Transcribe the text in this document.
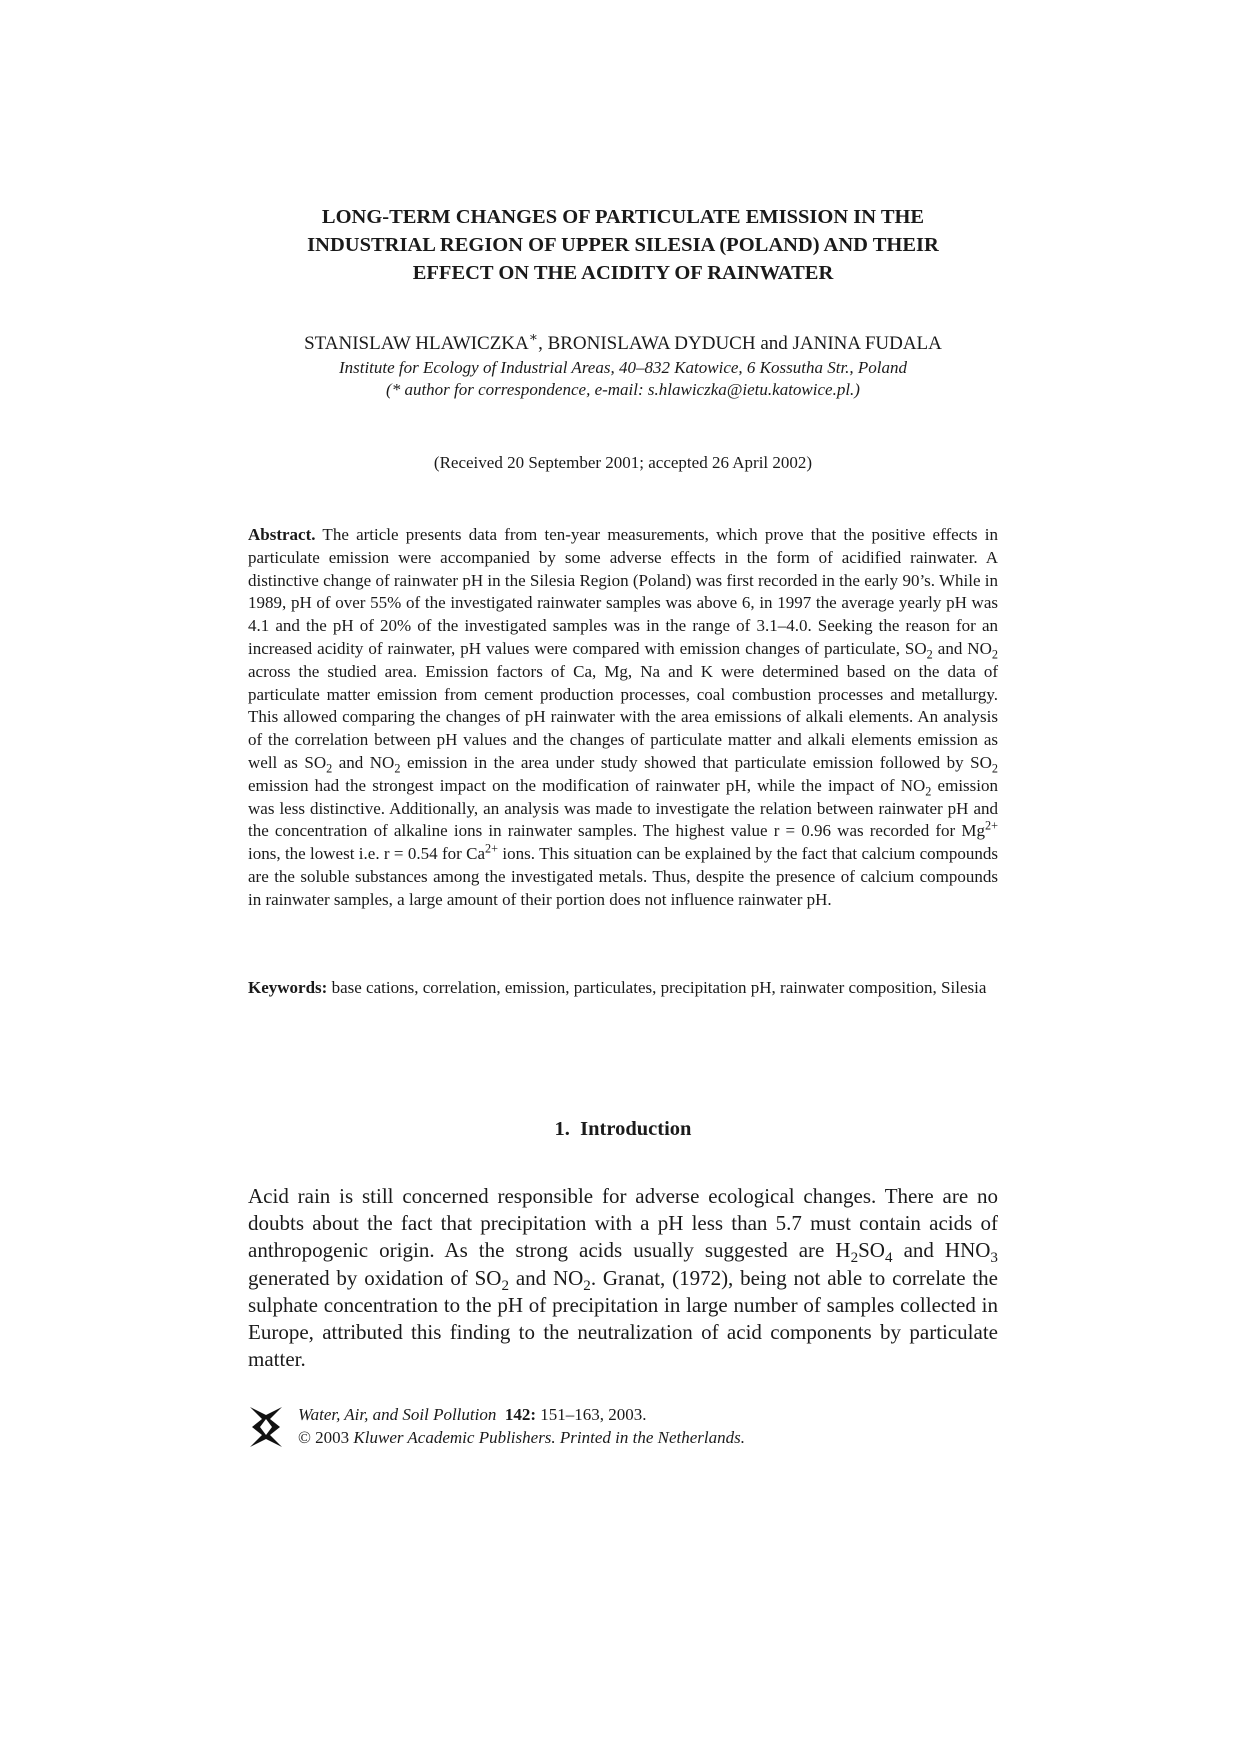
LONG-TERM CHANGES OF PARTICULATE EMISSION IN THE
INDUSTRIAL REGION OF UPPER SILESIA (POLAND) AND THEIR
EFFECT ON THE ACIDITY OF RAINWATER
STANISLAW HLAWICZKA∗, BRONISLAWA DYDUCH and JANINA FUDALA
Institute for Ecology of Industrial Areas, 40–832 Katowice, 6 Kossutha Str., Poland
(* author for correspondence, e-mail: s.hlawiczka@ietu.katowice.pl.)
(Received 20 September 2001; accepted 26 April 2002)

Abstract. The article presents data from ten-year measurements, which prove that the positive effects in particulate emission were accompanied by some adverse effects in the form of acidified rainwater. A distinctive change of rainwater pH in the Silesia Region (Poland) was first recorded in the early 90’s. While in 1989, pH of over 55% of the investigated rainwater samples was above 6, in 1997 the average yearly pH was 4.1 and the pH of 20% of the investigated samples was in the range of 3.1–4.0. Seeking the reason for an increased acidity of rainwater, pH values were compared with emission changes of particulate, $SO_2$ and $NO_2$ across the studied area. Emission factors of Ca, Mg, Na and K were determined based on the data of particulate matter emission from cement production processes, coal combustion processes and metallurgy. This allowed comparing the changes of pH rainwater with the area emissions of alkali elements. An analysis of the correlation between pH values and the changes of particulate matter and alkali elements emission as well as $SO_2$ and $NO_2$ emission in the area under study showed that particulate emission followed by $SO_2$ emission had the strongest impact on the modification of rainwater pH, while the impact of $NO_2$ emission was less distinctive. Additionally, an analysis was made to investigate the relation between rainwater pH and the concentration of alkaline ions in rainwater samples. The highest value r = 0.96 was recorded for $Mg^{2+}$ ions, the lowest i.e. r = 0.54 for $Ca^{2+}$ ions. This situation can be explained by the fact that calcium compounds are the soluble substances among the investigated metals. Thus, despite the presence of calcium compounds in rainwater samples, a large amount of their portion does not influence rainwater pH.

Keywords: base cations, correlation, emission, particulates, precipitation pH, rainwater composition, Silesia

1. Introduction

Acid rain is still concerned responsible for adverse ecological changes. There are no doubts about the fact that precipitation with a pH less than 5.7 must contain acids of anthropogenic origin. As the strong acids usually suggested are $H_2SO_4$ and $HNO_3$ generated by oxidation of $SO_2$ and $NO_2$. Granat, (1972), being not able to correlate the sulphate concentration to the pH of precipitation in large number of samples collected in Europe, attributed this finding to the neutralization of acid components by particulate matter.

Water, Air, and Soil Pollution 142: 151–163, 2003.
© 2003 Kluwer Academic Publishers. Printed in the Netherlands.
